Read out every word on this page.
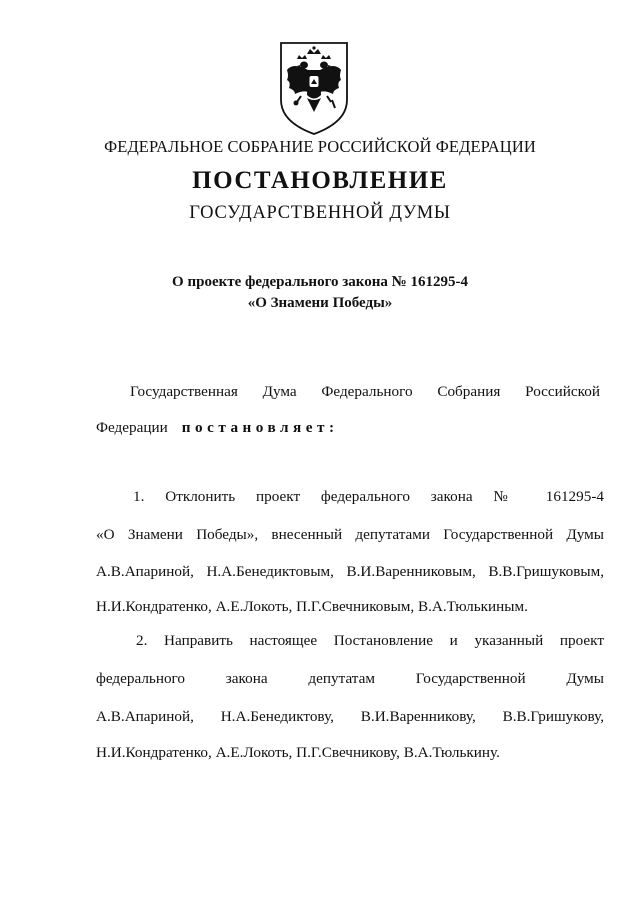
ФЕДЕРАЛЬНОЕ СОБРАНИЕ РОССИЙСКОЙ ФЕДЕРАЦИИ
ПОСТАНОВЛЕНИЕ
ГОСУДАРСТВЕННОЙ ДУМЫ
О проекте федерального закона № 161295-4
«О Знамени Победы»
Государственная Дума Федерального Собрания Российской
Федерации постановляет:
1. Отклонить проект федерального закона № 161295-4
«О Знамени Победы», внесенный депутатами Государственной Думы
А.В.Апариной, Н.А.Бенедиктовым, В.И.Варенниковым, В.В.Гришуковым,
Н.И.Кондратенко, А.Е.Локоть, П.Г.Свечниковым, В.А.Тюлькиным.
2. Направить настоящее Постановление и указанный проект
федерального закона депутатам Государственной Думы
А.В.Апариной, Н.А.Бенедиктову, В.И.Варенникову, В.В.Гришукову,
Н.И.Кондратенко, А.Е.Локоть, П.Г.Свечникову, В.А.Тюлькину.
